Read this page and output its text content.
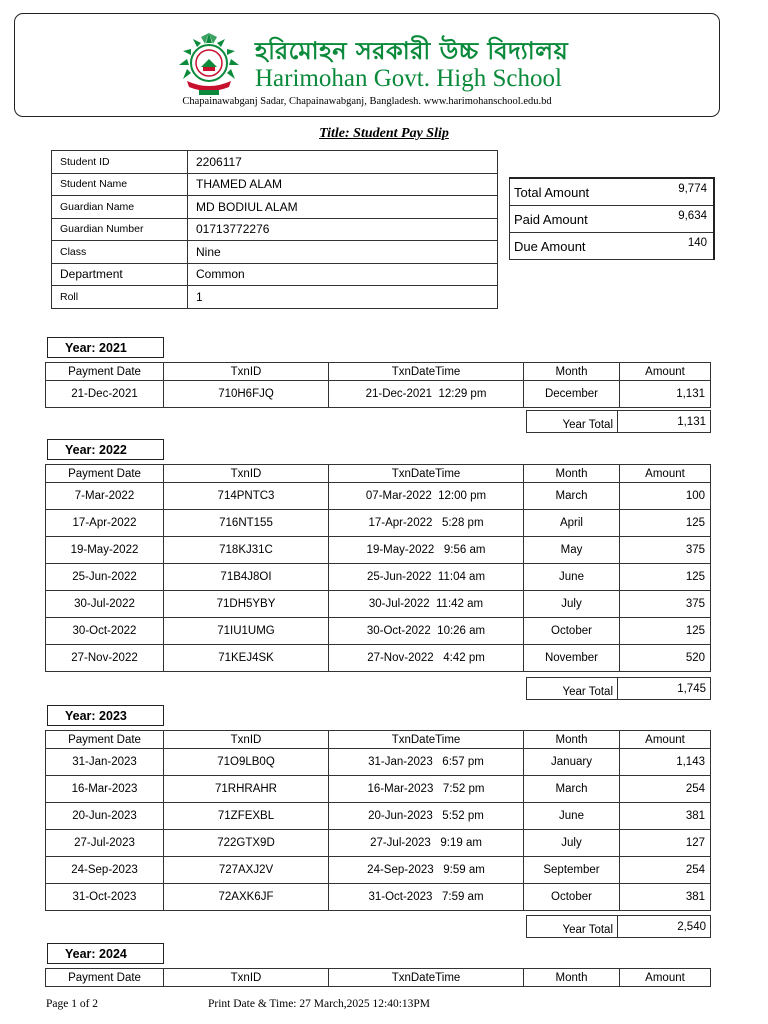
হরিমোহন সরকারী উচ্চ বিদ্যালয়
Harimohan Govt. High School
Chapainawabganj Sadar, Chapainawabganj, Bangladesh. www.harimohanschool.edu.bd
Title: Student Pay Slip
Student ID	2206117
Student Name	THAMED ALAM
Guardian Name	MD BODIUL ALAM
Guardian Number	01713772276
Class	Nine
Department	Common
Roll	1
Total Amount	9,774
Paid Amount	9,634
Due Amount	140
Year: 2021
Payment Date	TxnID	TxnDateTime	Month	Amount
21-Dec-2021	710H6FJQ	21-Dec-2021  12:29 pm	December	1,131
Year Total	1,131
Year: 2022
Payment Date	TxnID	TxnDateTime	Month	Amount
7-Mar-2022	714PNTC3	07-Mar-2022  12:00 pm	March	100
17-Apr-2022	716NT155	17-Apr-2022   5:28 pm	April	125
19-May-2022	718KJ31C	19-May-2022   9:56 am	May	375
25-Jun-2022	71B4J8OI	25-Jun-2022  11:04 am	June	125
30-Jul-2022	71DH5YBY	30-Jul-2022  11:42 am	July	375
30-Oct-2022	71IU1UMG	30-Oct-2022  10:26 am	October	125
27-Nov-2022	71KEJ4SK	27-Nov-2022   4:42 pm	November	520
Year Total	1,745
Year: 2023
Payment Date	TxnID	TxnDateTime	Month	Amount
31-Jan-2023	71O9LB0Q	31-Jan-2023   6:57 pm	January	1,143
16-Mar-2023	71RHRAHR	16-Mar-2023   7:52 pm	March	254
20-Jun-2023	71ZFEXBL	20-Jun-2023   5:52 pm	June	381
27-Jul-2023	722GTX9D	27-Jul-2023   9:19 am	July	127
24-Sep-2023	727AXJ2V	24-Sep-2023   9:59 am	September	254
31-Oct-2023	72AXK6JF	31-Oct-2023   7:59 am	October	381
Year Total	2,540
Year: 2024
Payment Date	TxnID	TxnDateTime	Month	Amount
Page 1 of 2	Print Date & Time: 27 March,2025 12:40:13PM
